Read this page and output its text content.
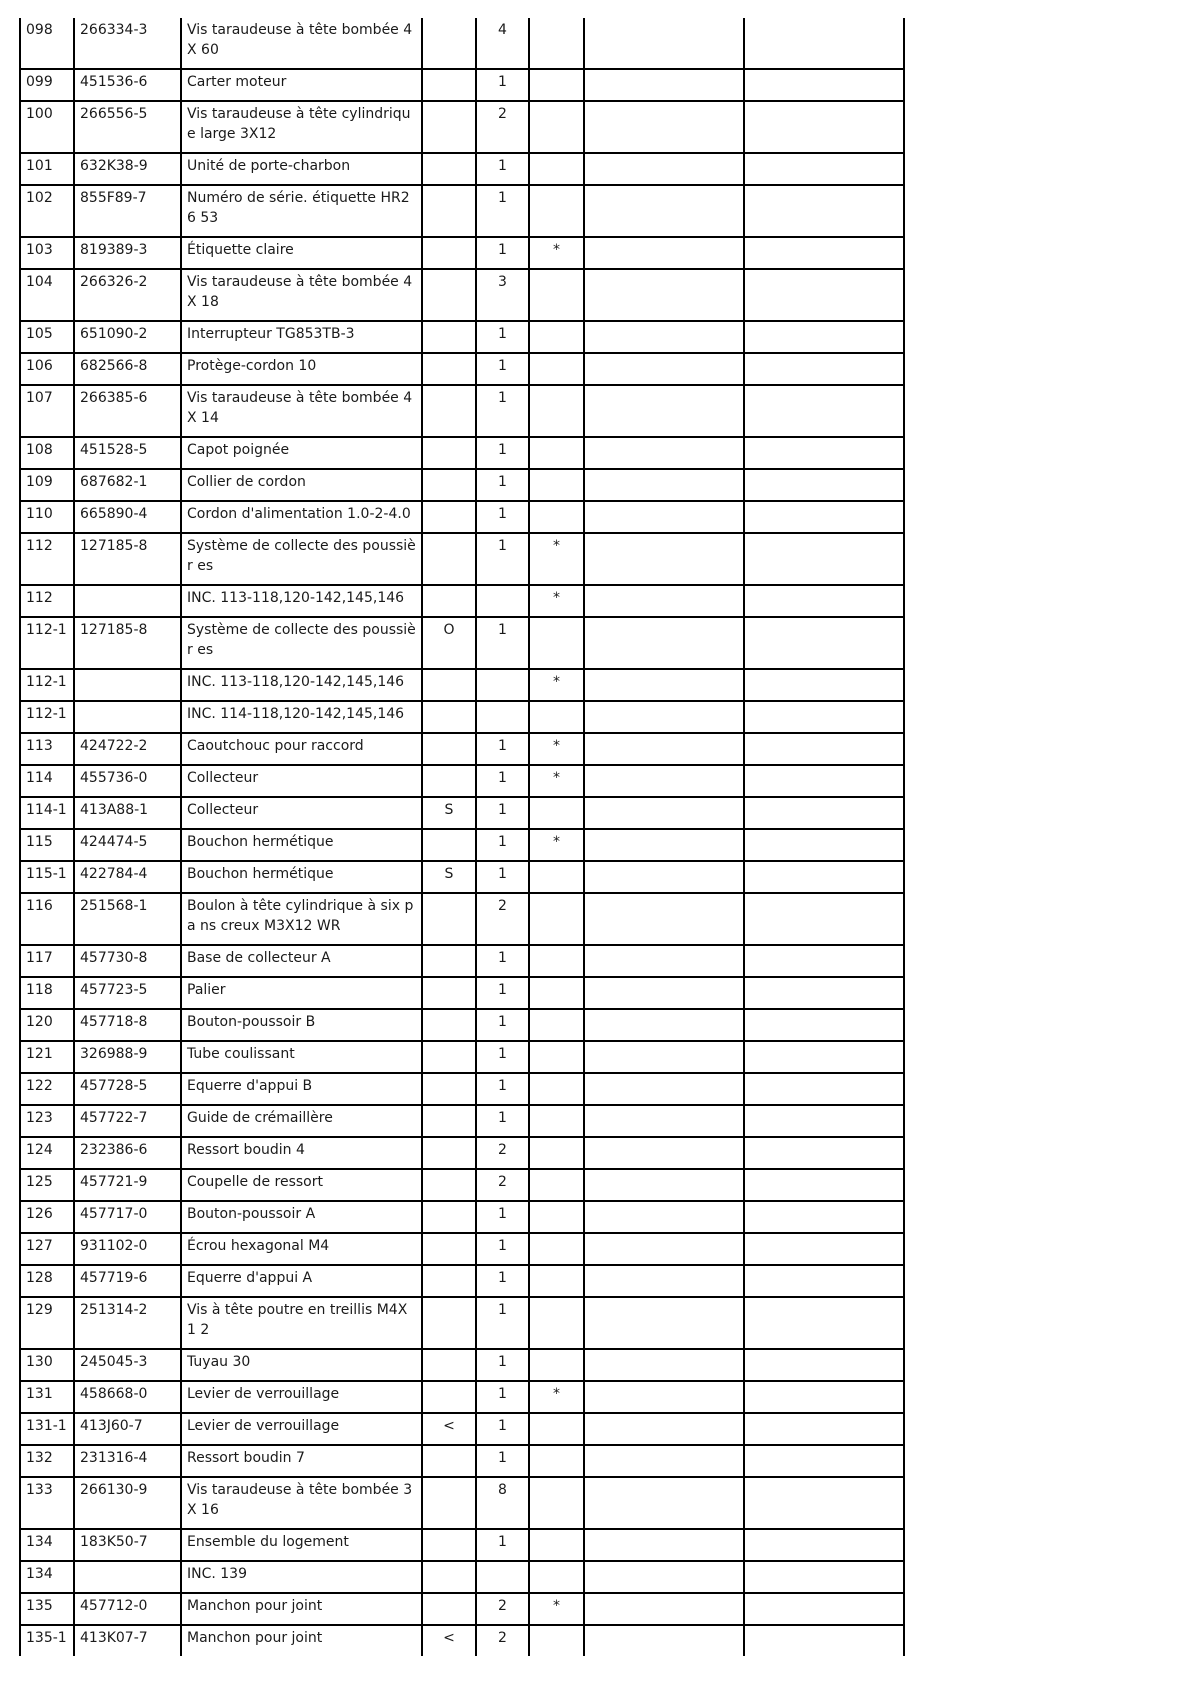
098	266334-3	Vis taraudeuse à tête bombée 4X 60		4			
099	451536-6	Carter moteur		1			
100	266556-5	Vis taraudeuse à tête cylindrique large 3X12		2			
101	632K38-9	Unité de porte-charbon		1			
102	855F89-7	Numéro de série. étiquette HR26 53		1			
103	819389-3	Étiquette claire		1	*		
104	266326-2	Vis taraudeuse à tête bombée 4X 18		3			
105	651090-2	Interrupteur TG853TB-3		1			
106	682566-8	Protège-cordon 10		1			
107	266385-6	Vis taraudeuse à tête bombée 4X 14		1			
108	451528-5	Capot poignée		1			
109	687682-1	Collier de cordon		1			
110	665890-4	Cordon d'alimentation 1.0-2-4.0		1			
112	127185-8	Système de collecte des poussièr es		1	*		
112		INC. 113-118,120-142,145,146			*		
112-1	127185-8	Système de collecte des poussièr es	O	1			
112-1		INC. 113-118,120-142,145,146			*		
112-1		INC. 114-118,120-142,145,146					
113	424722-2	Caoutchouc pour raccord		1	*		
114	455736-0	Collecteur		1	*		
114-1	413A88-1	Collecteur	S	1			
115	424474-5	Bouchon hermétique		1	*		
115-1	422784-4	Bouchon hermétique	S	1			
116	251568-1	Boulon à tête cylindrique à six pa ns creux M3X12 WR		2			
117	457730-8	Base de collecteur A		1			
118	457723-5	Palier		1			
120	457718-8	Bouton-poussoir B		1			
121	326988-9	Tube coulissant		1			
122	457728-5	Equerre d'appui B		1			
123	457722-7	Guide de crémaillère		1			
124	232386-6	Ressort boudin 4		2			
125	457721-9	Coupelle de ressort		2			
126	457717-0	Bouton-poussoir A		1			
127	931102-0	Écrou hexagonal M4		1			
128	457719-6	Equerre d'appui A		1			
129	251314-2	Vis à tête poutre en treillis M4X1 2		1			
130	245045-3	Tuyau 30		1			
131	458668-0	Levier de verrouillage		1	*		
131-1	413J60-7	Levier de verrouillage	<	1			
132	231316-4	Ressort boudin 7		1			
133	266130-9	Vis taraudeuse à tête bombée 3X 16		8			
134	183K50-7	Ensemble du logement		1			
134		INC. 139					
135	457712-0	Manchon pour joint		2	*		
135-1	413K07-7	Manchon pour joint	<	2			
